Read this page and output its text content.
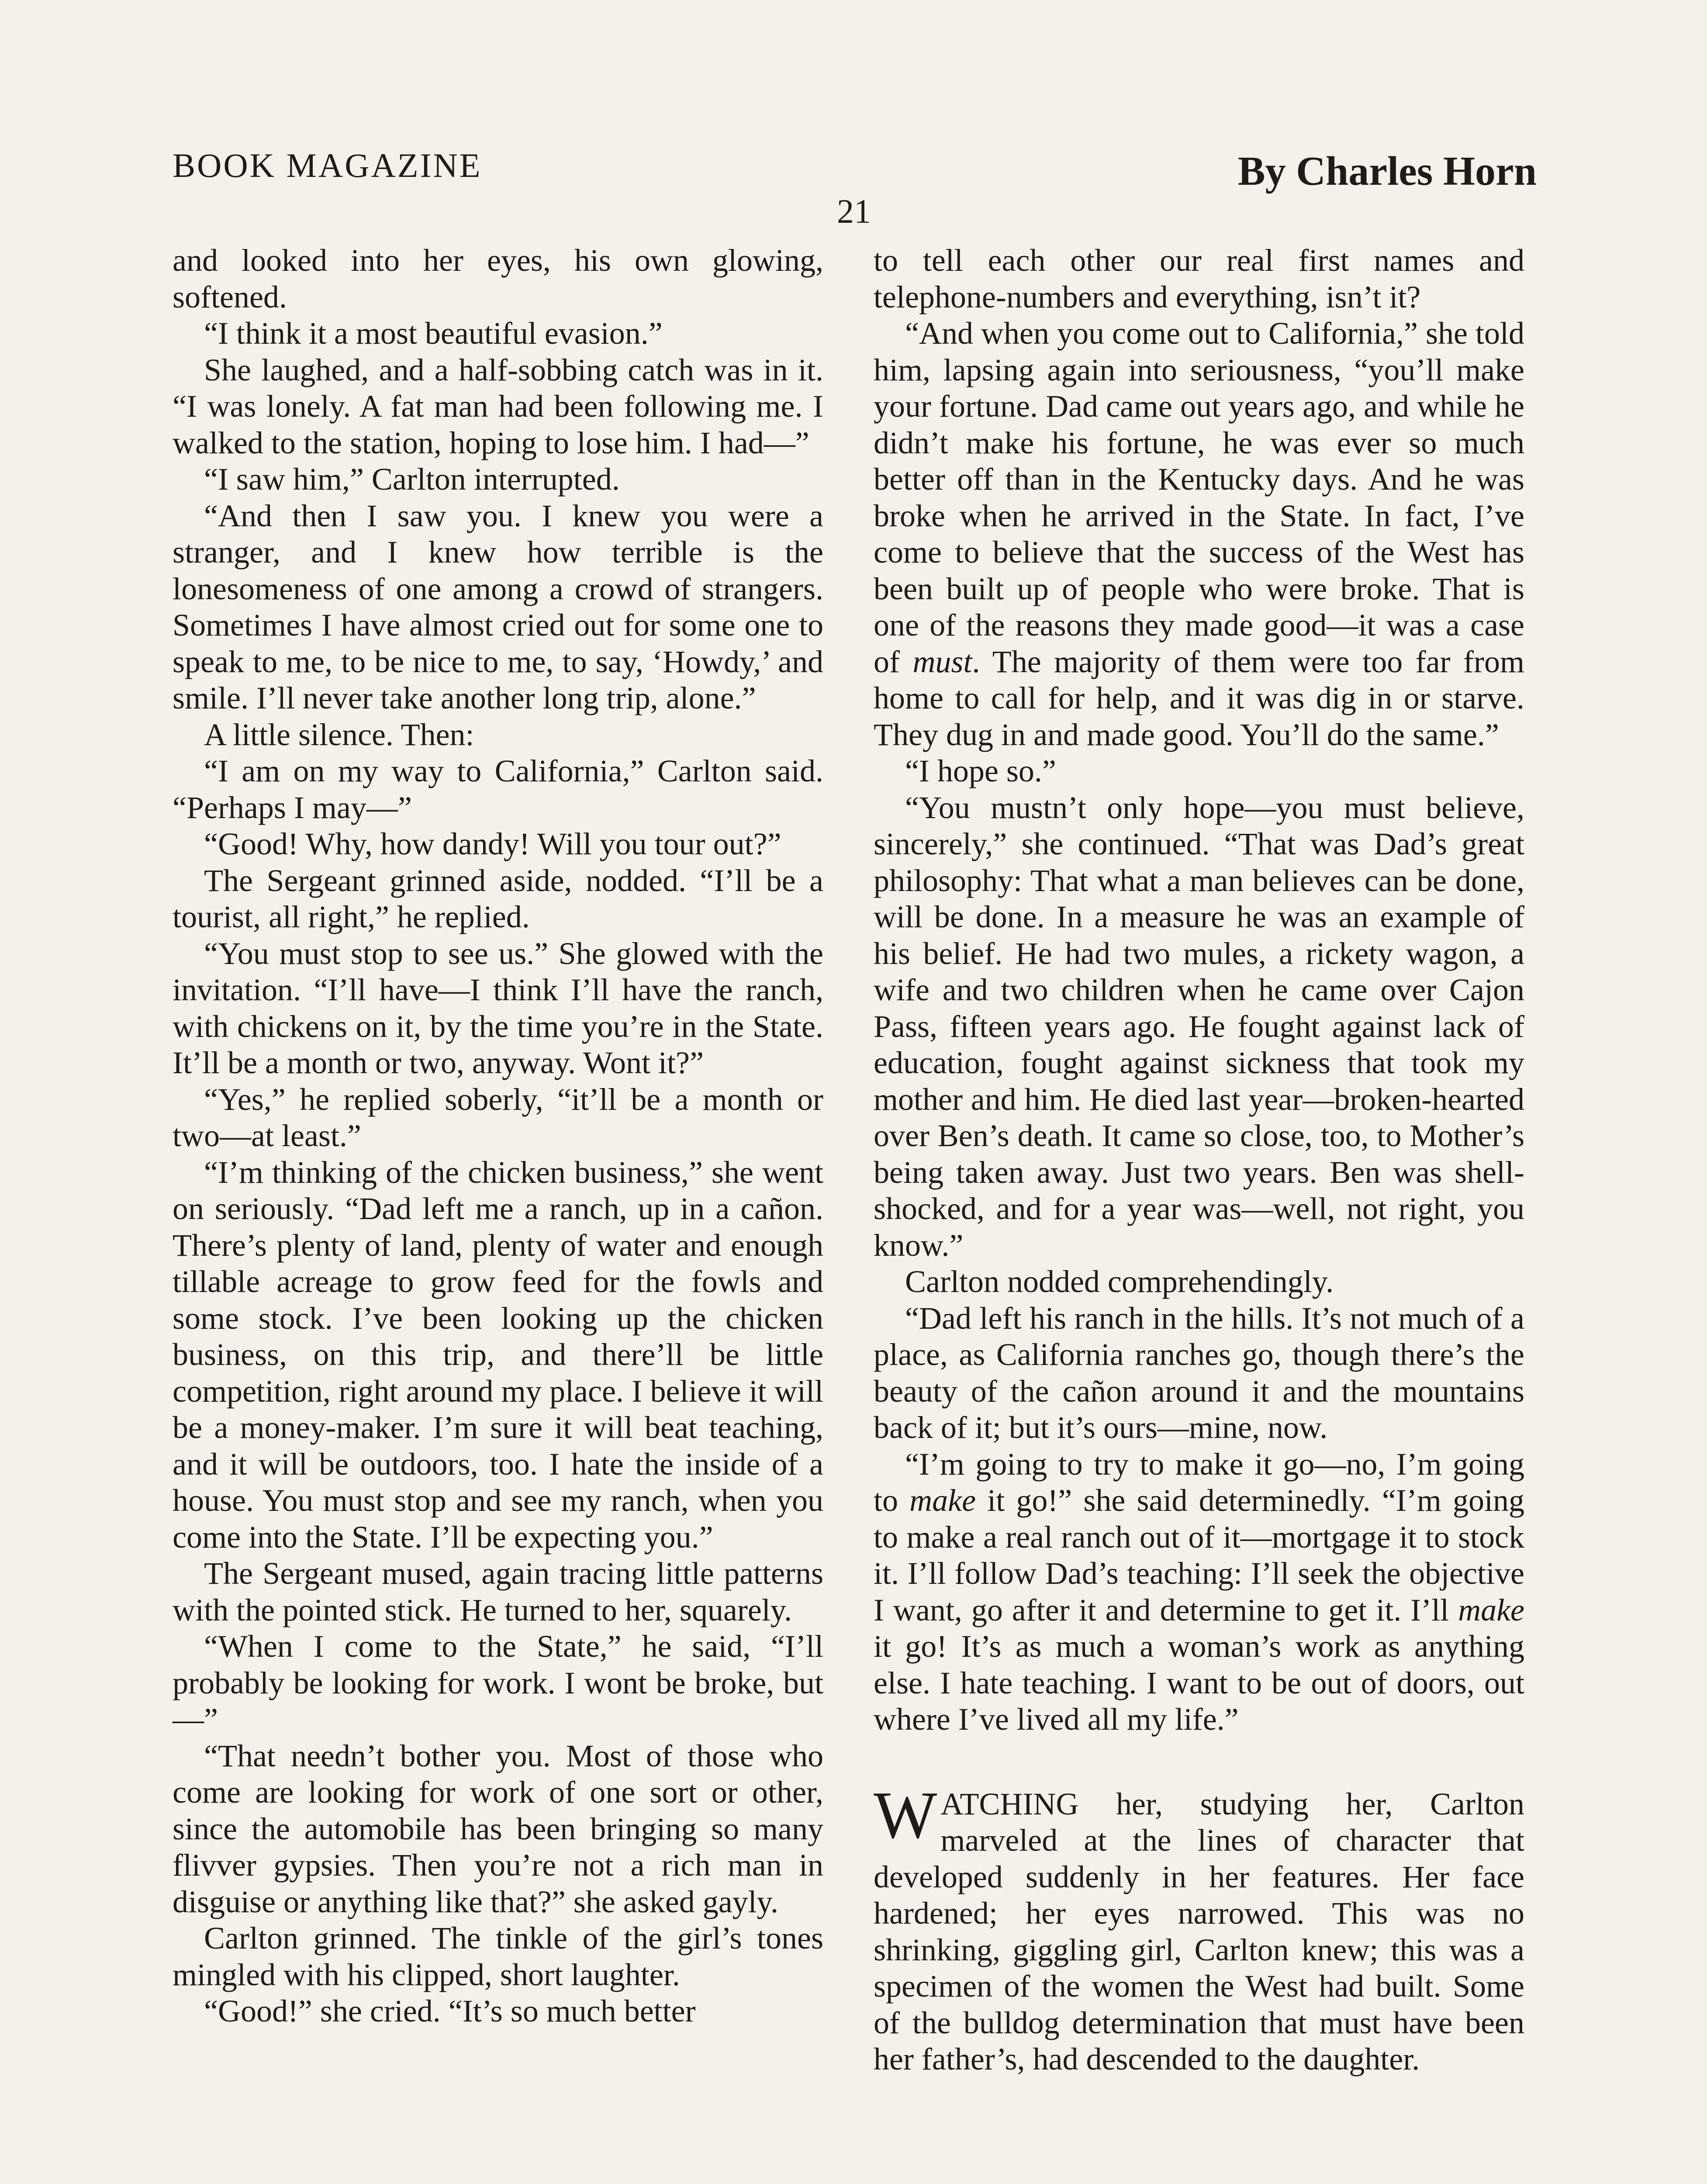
BOOK MAGAZINE	By Charles Horn
21

and looked into her eyes, his own glowing, softened.

“I think it a most beautiful evasion.”

She laughed, and a half-sobbing catch was in it. “I was lonely. A fat man had been following me. I walked to the station, hoping to lose him. I had—”

“I saw him,” Carlton interrupted.

“And then I saw you. I knew you were a stranger, and I knew how terrible is the lonesomeness of one among a crowd of strangers. Sometimes I have almost cried out for some one to speak to me, to be nice to me, to say, ‘Howdy,’ and smile. I’ll never take another long trip, alone.”

A little silence. Then:

“I am on my way to California,” Carlton said. “Perhaps I may—”

“Good! Why, how dandy! Will you tour out?”

The Sergeant grinned aside, nodded. “I’ll be a tourist, all right,” he replied.

“You must stop to see us.” She glowed with the invitation. “I’ll have—I think I’ll have the ranch, with chickens on it, by the time you’re in the State. It’ll be a month or two, anyway. Wont it?”

“Yes,” he replied soberly, “it’ll be a month or two—at least.”

“I’m thinking of the chicken business,” she went on seriously. “Dad left me a ranch, up in a cañon. There’s plenty of land, plenty of water and enough tillable acreage to grow feed for the fowls and some stock. I’ve been looking up the chicken business, on this trip, and there’ll be little competition, right around my place. I believe it will be a money-maker. I’m sure it will beat teaching, and it will be outdoors, too. I hate the inside of a house. You must stop and see my ranch, when you come into the State. I’ll be expecting you.”

The Sergeant mused, again tracing little patterns with the pointed stick. He turned to her, squarely.

“When I come to the State,” he said, “I’ll probably be looking for work. I wont be broke, but—”

“That needn’t bother you. Most of those who come are looking for work of one sort or other, since the automobile has been bringing so many flivver gypsies. Then you’re not a rich man in disguise or anything like that?” she asked gayly.

Carlton grinned. The tinkle of the girl’s tones mingled with his clipped, short laughter.

“Good!” she cried. “It’s so much better

to tell each other our real first names and telephone-numbers and everything, isn’t it?

“And when you come out to California,” she told him, lapsing again into seriousness, “you’ll make your fortune. Dad came out years ago, and while he didn’t make his fortune, he was ever so much better off than in the Kentucky days. And he was broke when he arrived in the State. In fact, I’ve come to believe that the success of the West has been built up of people who were broke. That is one of the reasons they made good—it was a case of must. The majority of them were too far from home to call for help, and it was dig in or starve. They dug in and made good. You’ll do the same.”

“I hope so.”

“You mustn’t only hope—you must believe, sincerely,” she continued. “That was Dad’s great philosophy: That what a man believes can be done, will be done. In a measure he was an example of his belief. He had two mules, a rickety wagon, a wife and two children when he came over Cajon Pass, fifteen years ago. He fought against lack of education, fought against sickness that took my mother and him. He died last year—broken-hearted over Ben’s death. It came so close, too, to Mother’s being taken away. Just two years. Ben was shell-shocked, and for a year was—well, not right, you know.”

Carlton nodded comprehendingly.

“Dad left his ranch in the hills. It’s not much of a place, as California ranches go, though there’s the beauty of the cañon around it and the mountains back of it; but it’s ours—mine, now.

“I’m going to try to make it go—no, I’m going to make it go!” she said determinedly. “I’m going to make a real ranch out of it—mortgage it to stock it. I’ll follow Dad’s teaching: I’ll seek the objective I want, go after it and determine to get it. I’ll make it go! It’s as much a woman’s work as anything else. I hate teaching. I want to be out of doors, out where I’ve lived all my life.”

WATCHING her, studying her, Carlton marveled at the lines of character that developed suddenly in her features. Her face hardened; her eyes narrowed. This was no shrinking, giggling girl, Carlton knew; this was a specimen of the women the West had built. Some of the bulldog determination that must have been her father’s, had descended to the daughter.
